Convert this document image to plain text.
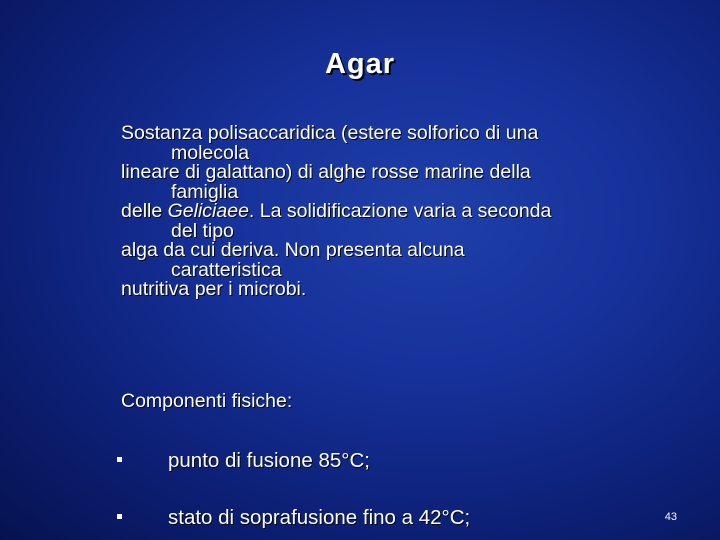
Agar
Sostanza polisaccaridica (estere solforico di una
molecola
lineare di galattano) di alghe rosse marine della
famiglia
delle Geliciaee. La solidificazione varia a seconda
del tipo
alga da cui deriva. Non presenta alcuna
caratteristica
nutritiva per i microbi.
Componenti fisiche:
punto di fusione 85°C;
stato di soprafusione fino a 42°C;	43
